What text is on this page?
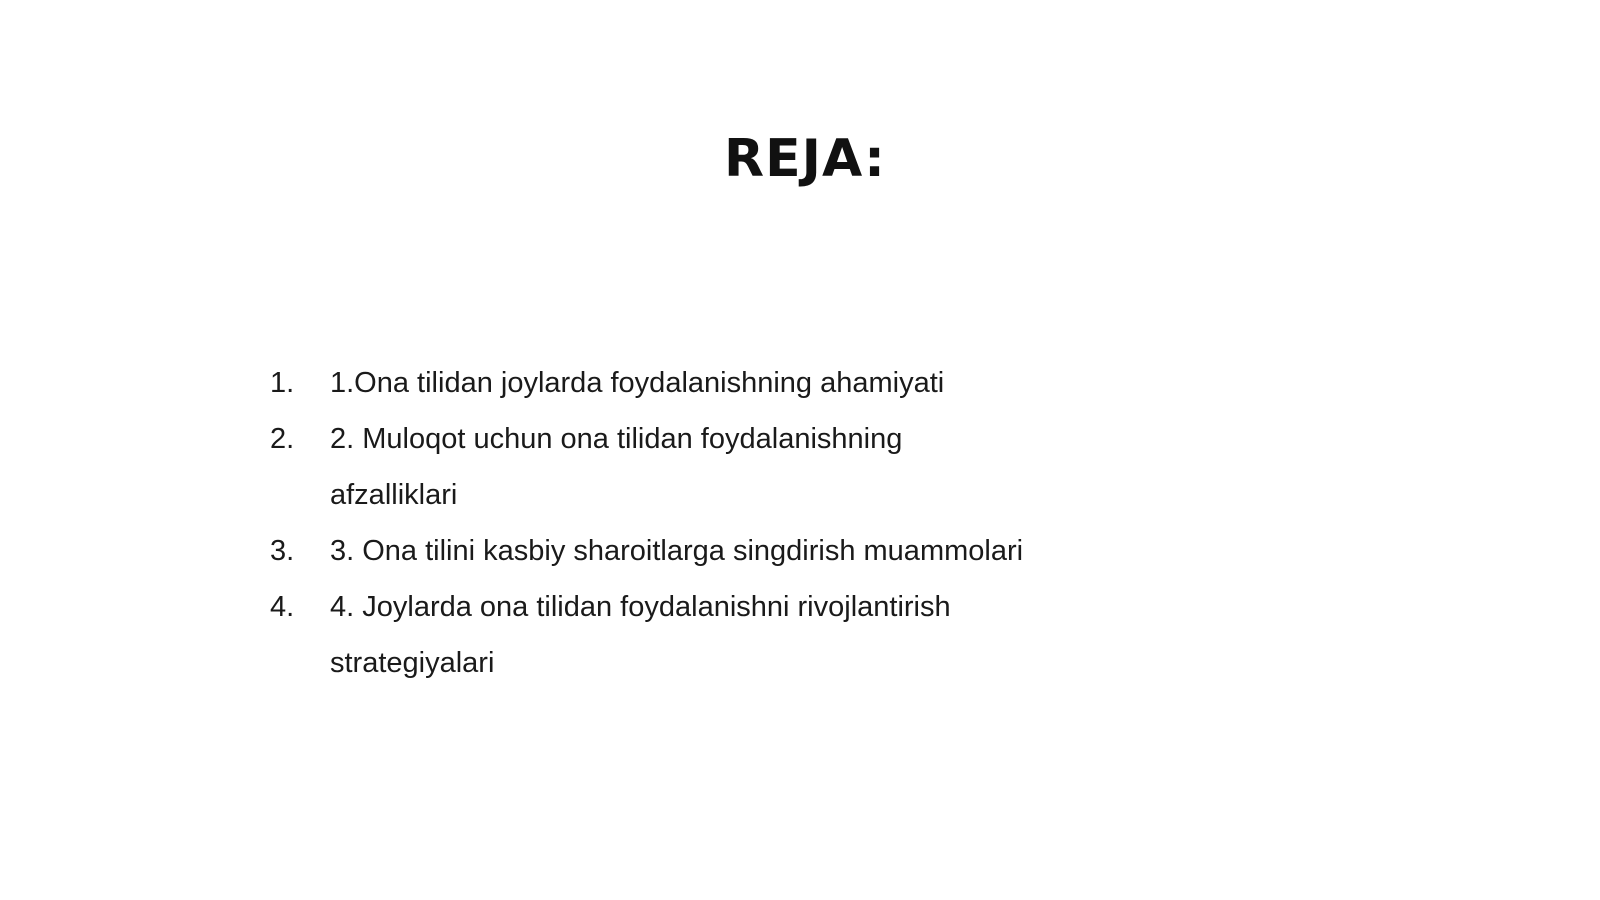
REJA:
1.	1.Ona tilidan joylarda foydalanishning ahamiyati
2.	2. Muloqot uchun ona tilidan foydalanishning afzalliklari
3.	3. Ona tilini kasbiy sharoitlarga singdirish muammolari
4.	4. Joylarda ona tilidan foydalanishni rivojlantirish strategiyalari
